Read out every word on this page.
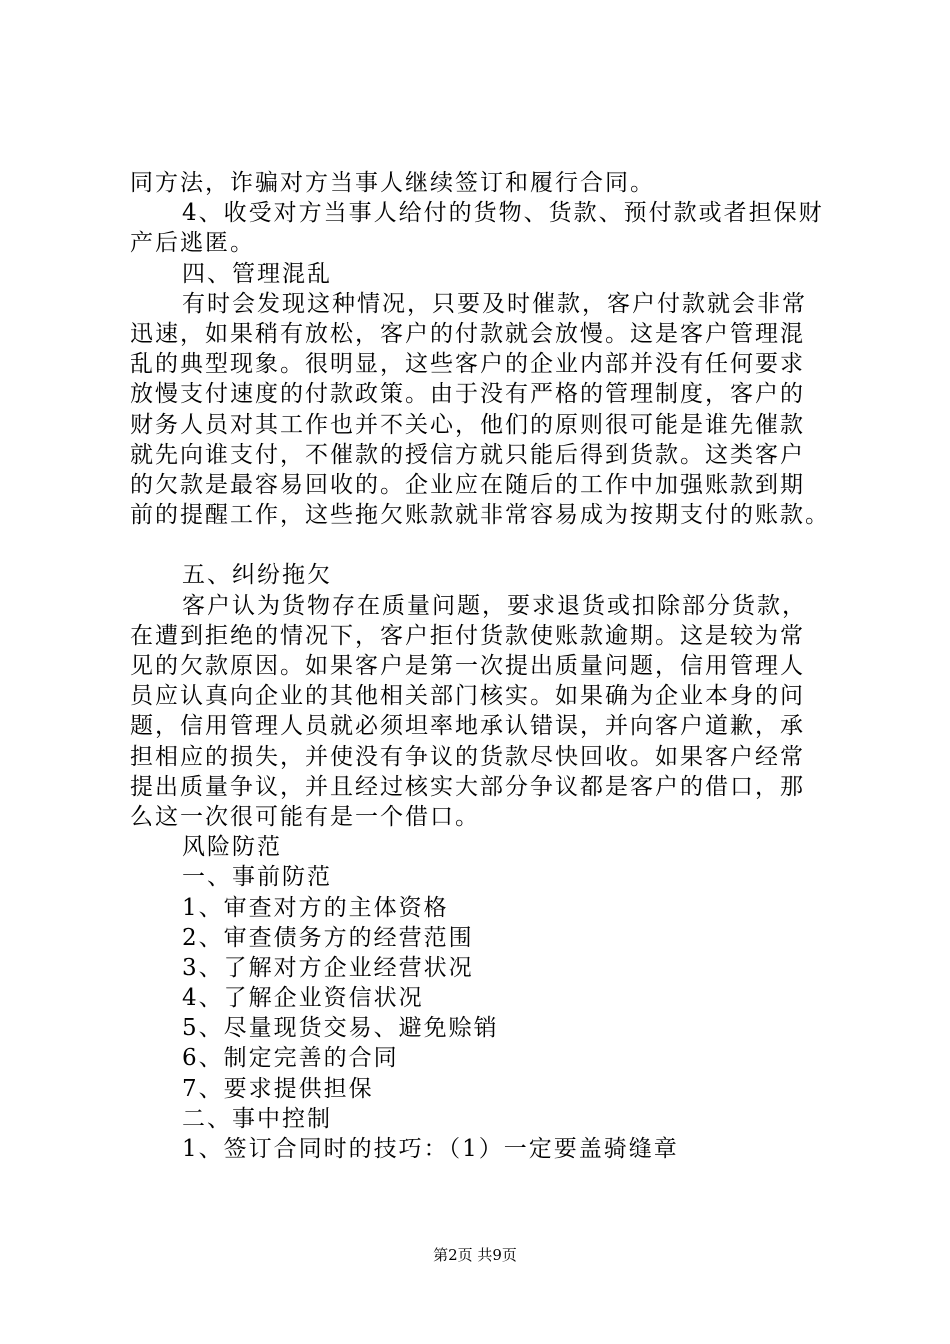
同方法，诈骗对方当事人继续签订和履行合同。
4、收受对方当事人给付的货物、货款、预付款或者担保财
产后逃匿。
四、管理混乱
有时会发现这种情况，只要及时催款，客户付款就会非常
迅速，如果稍有放松，客户的付款就会放慢。这是客户管理混
乱的典型现象。很明显，这些客户的企业内部并没有任何要求
放慢支付速度的付款政策。由于没有严格的管理制度，客户的
财务人员对其工作也并不关心，他们的原则很可能是谁先催款
就先向谁支付，不催款的授信方就只能后得到货款。这类客户
的欠款是最容易回收的。企业应在随后的工作中加强账款到期
前的提醒工作，这些拖欠账款就非常容易成为按期支付的账款。
五、纠纷拖欠
客户认为货物存在质量问题，要求退货或扣除部分货款，
在遭到拒绝的情况下，客户拒付货款使账款逾期。这是较为常
见的欠款原因。如果客户是第一次提出质量问题，信用管理人
员应认真向企业的其他相关部门核实。如果确为企业本身的问
题，信用管理人员就必须坦率地承认错误，并向客户道歉，承
担相应的损失，并使没有争议的货款尽快回收。如果客户经常
提出质量争议，并且经过核实大部分争议都是客户的借口，那
么这一次很可能有是一个借口。
风险防范
一、事前防范
1、审查对方的主体资格
2、审查债务方的经营范围
3、了解对方企业经营状况
4、了解企业资信状况
5、尽量现货交易、避免赊销
6、制定完善的合同
7、要求提供担保
二、事中控制
1、签订合同时的技巧：（1）一定要盖骑缝章
第2页 共9页
